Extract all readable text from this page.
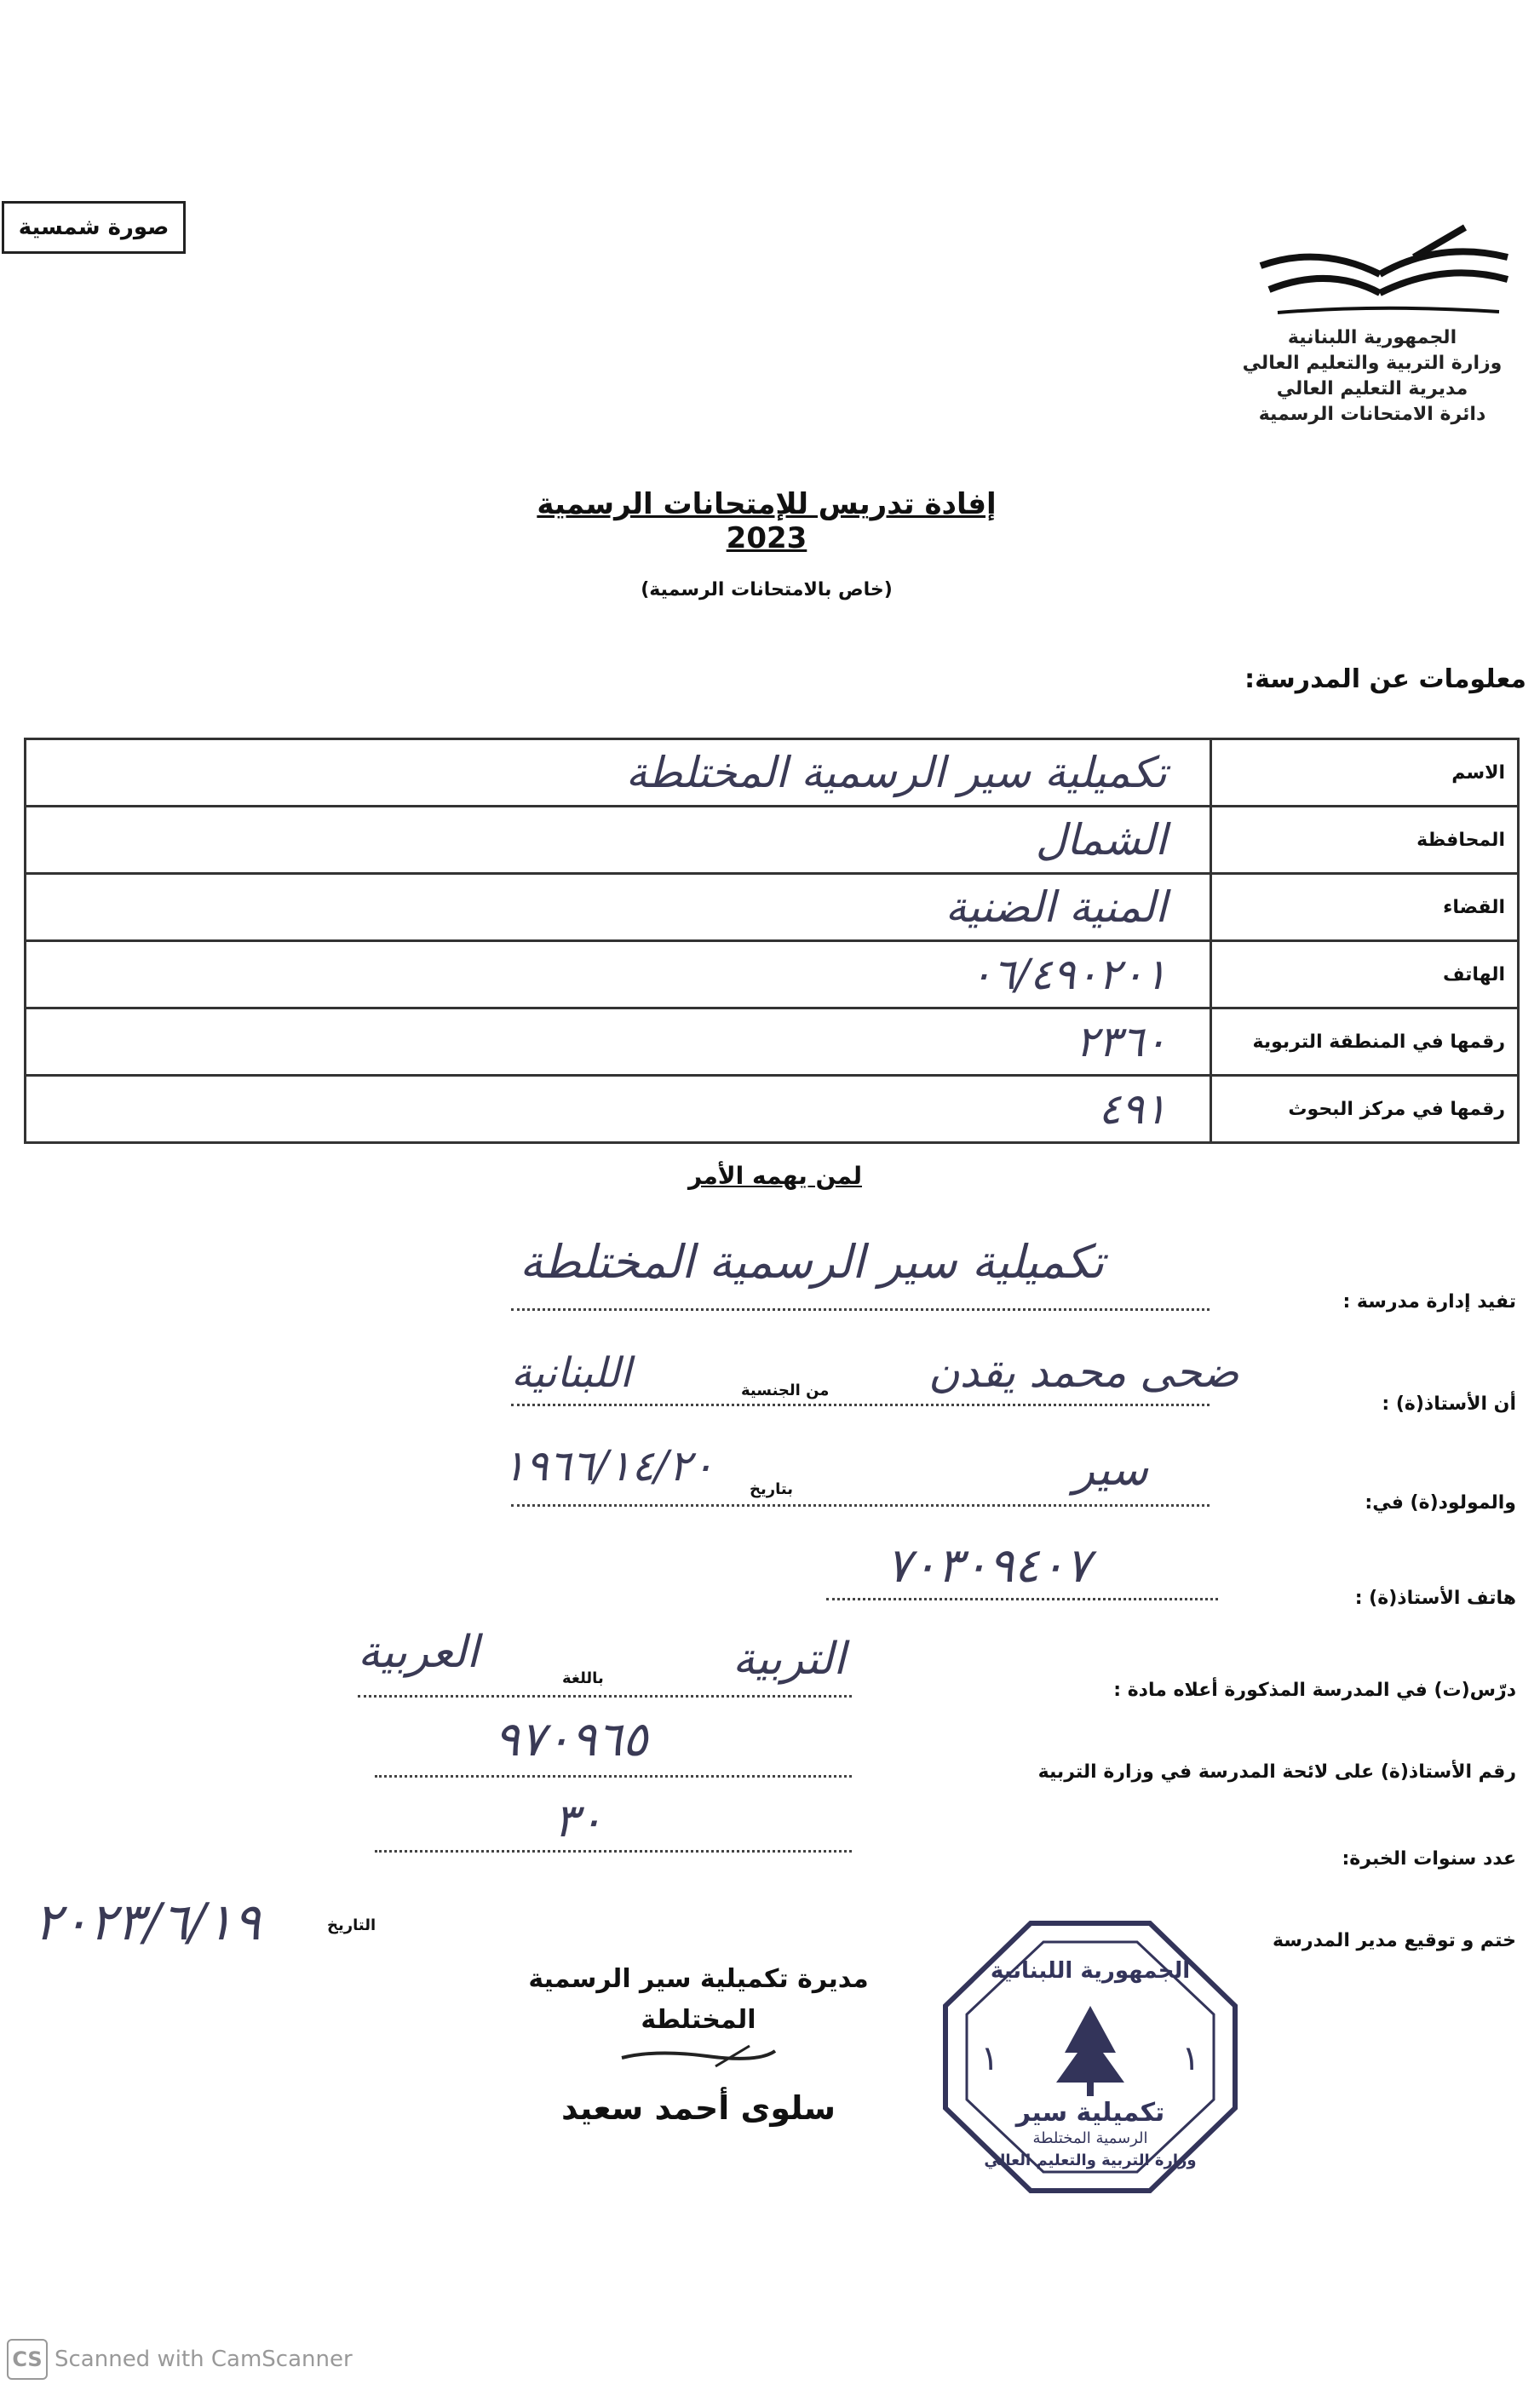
صورة شمسية
الجمهورية اللبنانية
وزارة التربية والتعليم العالي
مديرية التعليم العالي
دائرة الامتحانات الرسمية
إفادة تدريس للإمتحانات الرسمية 2023
(خاص بالامتحانات الرسمية)
معلومات عن المدرسة:
الاسم	تكميلية سير الرسمية المختلطة
المحافظة	الشمال
القضاء	المنية الضنية
الهاتف	٠٦/٤٩٠٢٠١
رقمها في المنطقة التربوية	٢٣٦٠
رقمها في مركز البحوث	٤٩١
لمن يهمه الأمر
تفيد إدارة مدرسة :
تكميلية سير الرسمية المختلطة
أن الأستاذ(ة) :
ضحى محمد يقدن
من الجنسية
اللبنانية
والمولود(ة) في:
سير
بتاريخ
١٩٦٦/١٤/٢٠
هاتف الأستاذ(ة) :
٧٠٣٠٩٤٠٧
درّس(ت) في المدرسة المذكورة أعلاه مادة :
التربية
باللغة
العربية
رقم الأستاذ(ة) على لائحة المدرسة في وزارة التربية
٩٧٠٩٦٥
عدد سنوات الخبرة:
٣٠
ختم و توقيع مدير المدرسة
٢٠٢٣/٦/١٩	التاريخ
مديرة تكميلية سير الرسمية المختلطة
سلوى أحمد سعيد
الجمهورية اللبنانية
تكميلية سير
الرسمية المختلطة
وزارة التربية والتعليم العالي
١	١
CS Scanned with CamScanner
